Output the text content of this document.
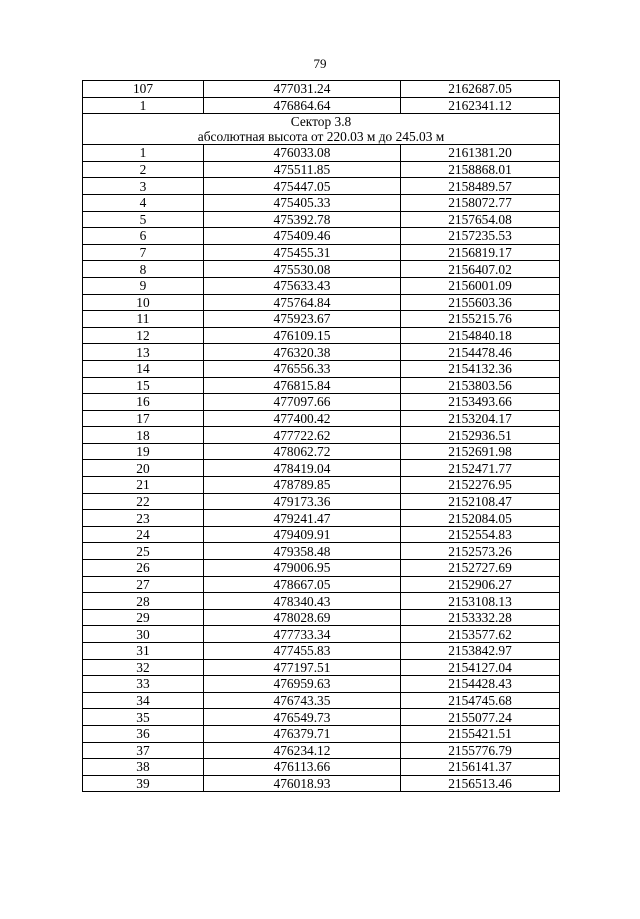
79
107	477031.24	2162687.05
1	476864.64	2162341.12

Сектор 3.8
абсолютная высота от 220.03 м до 245.03 м		

1	476033.08	2161381.20
2	475511.85	2158868.01
3	475447.05	2158489.57
4	475405.33	2158072.77
5	475392.78	2157654.08
6	475409.46	2157235.53
7	475455.31	2156819.17
8	475530.08	2156407.02
9	475633.43	2156001.09
10	475764.84	2155603.36
11	475923.67	2155215.76
12	476109.15	2154840.18
13	476320.38	2154478.46
14	476556.33	2154132.36
15	476815.84	2153803.56
16	477097.66	2153493.66
17	477400.42	2153204.17
18	477722.62	2152936.51
19	478062.72	2152691.98
20	478419.04	2152471.77
21	478789.85	2152276.95
22	479173.36	2152108.47
23	479241.47	2152084.05
24	479409.91	2152554.83
25	479358.48	2152573.26
26	479006.95	2152727.69
27	478667.05	2152906.27
28	478340.43	2153108.13
29	478028.69	2153332.28
30	477733.34	2153577.62
31	477455.83	2153842.97
32	477197.51	2154127.04
33	476959.63	2154428.43
34	476743.35	2154745.68
35	476549.73	2155077.24
36	476379.71	2155421.51
37	476234.12	2155776.79
38	476113.66	2156141.37
39	476018.93	2156513.46
